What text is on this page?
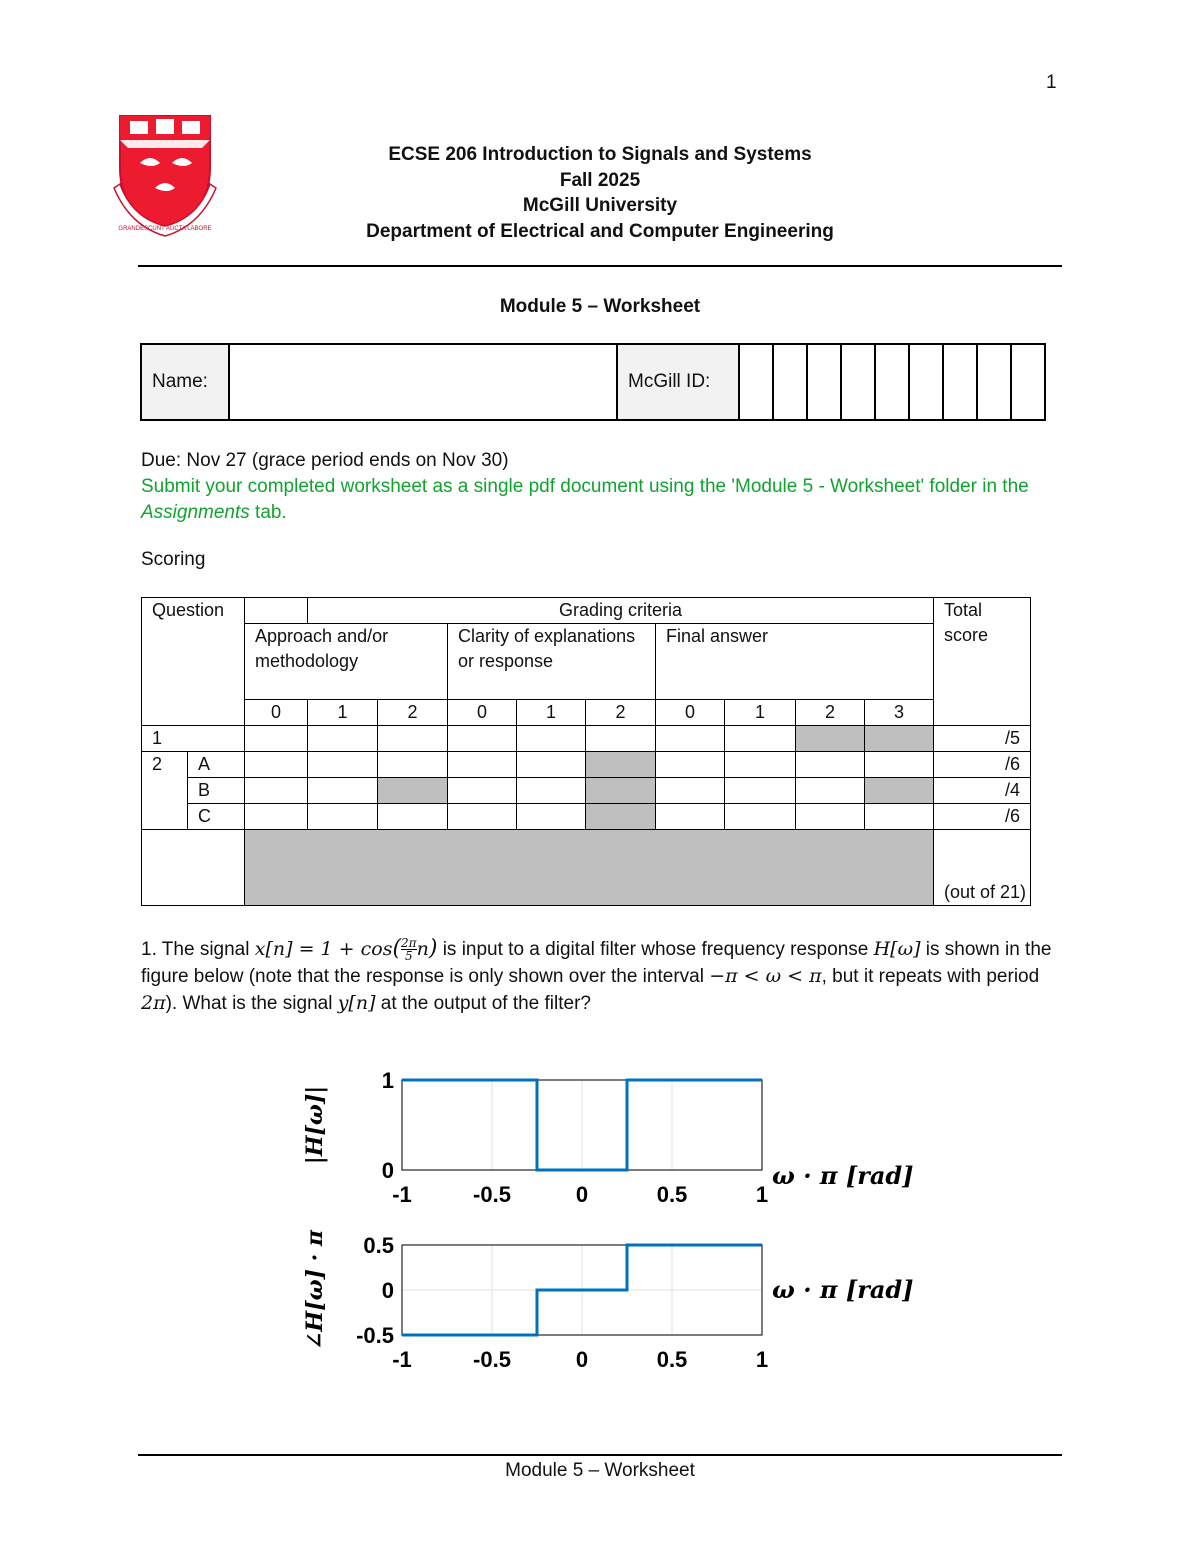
1
GRANDESCUNT AUCTA LABORE
ECSE 206 Introduction to Signals and Systems
Fall 2025
McGill University
Department of Electrical and Computer Engineering
Module 5 – Worksheet
Name:		McGill ID:									
Due: Nov 27 (grace period ends on Nov 30)
Submit your completed worksheet as a single pdf document using the 'Module 5 - Worksheet' folder in the Assignments tab.
Scoring
Question			Grading criteria									Total score
		Approach and/or methodology			Clarity of explanations or response			Final answer				
		0	1	2	0	1	2	0	1	2	3	
1												/5
2	A											/6
	B											/4
	C											/6
												(out of 21)
1. The signal $x[n] = 1 + \cos( \frac{2\pi}{5} n)$ is input to a digital filter whose frequency response H[ω] is shown in the figure below (note that the response is only shown over the interval −π < ω < π, but it repeats with period 2π). What is the signal y[n] at the output of the filter?
-1	-0.5	0	0.5	1
0
1
ω · π [rad]
|H[ω]|
-1	-0.5	0	0.5	1
-0.5
0
0.5
ω · π [rad]
∠H[ω] · π
Module 5 – Worksheet
